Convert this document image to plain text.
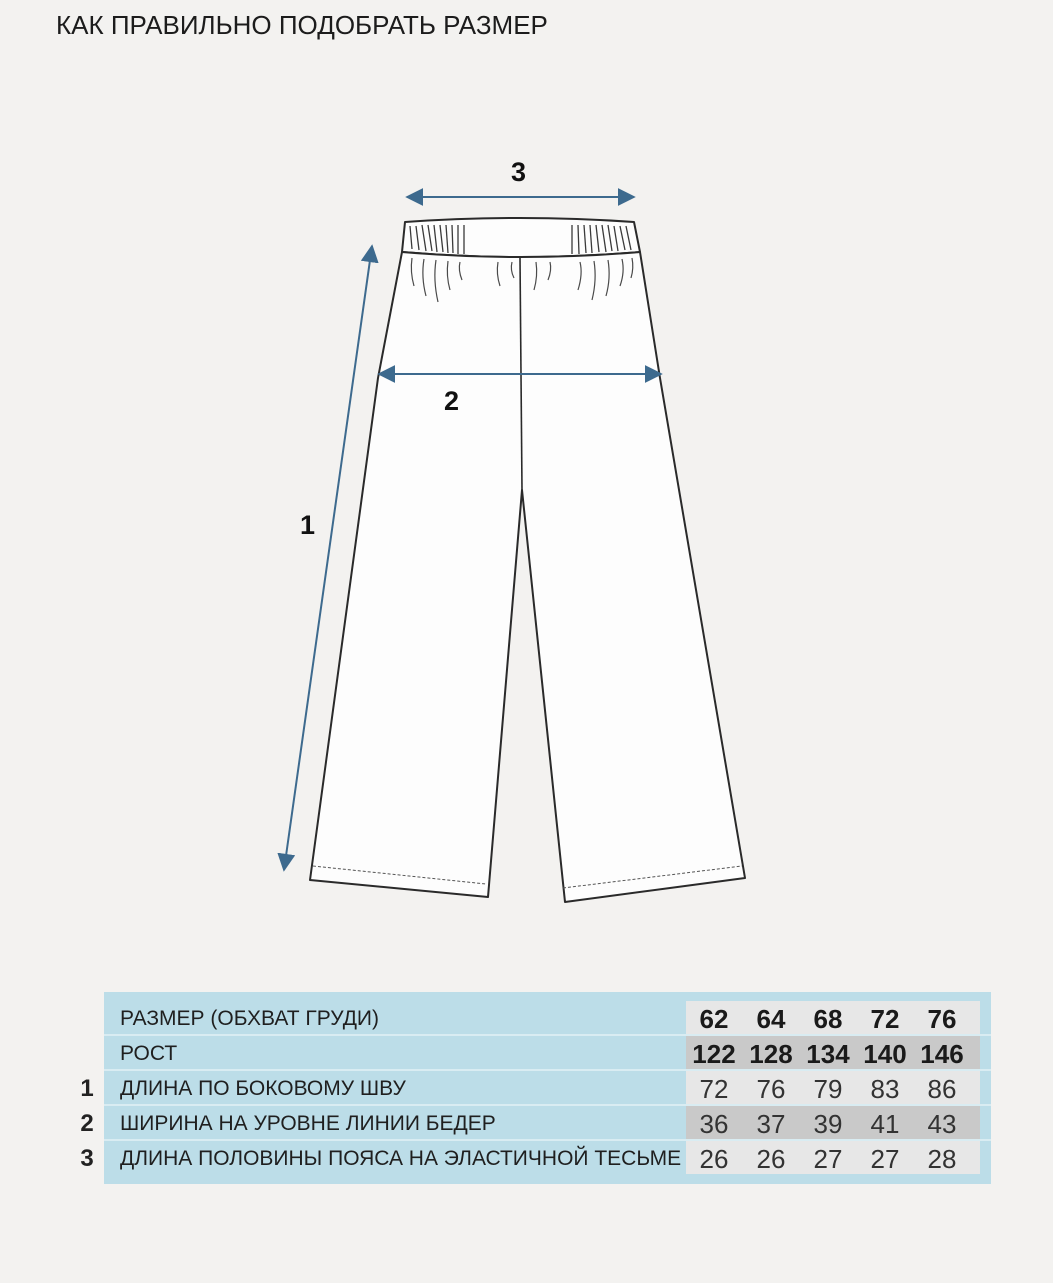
КАК ПРАВИЛЬНО ПОДОБРАТЬ РАЗМЕР
3
2
1
1
2
3
РАЗМЕР (ОБХВАТ ГРУДИ)	62	64	68	72	76
РОСТ	122 128 134 140 146
ДЛИНА ПО БОКОВОМУ ШВУ	72	76	79	83	86
ШИРИНА НА УРОВНЕ ЛИНИИ БЕДЕР	36	37	39	41	43
ДЛИНА ПОЛОВИНЫ ПОЯСА НА ЭЛАСТИЧНОЙ ТЕСЬМЕ 26	26	27	27	28
